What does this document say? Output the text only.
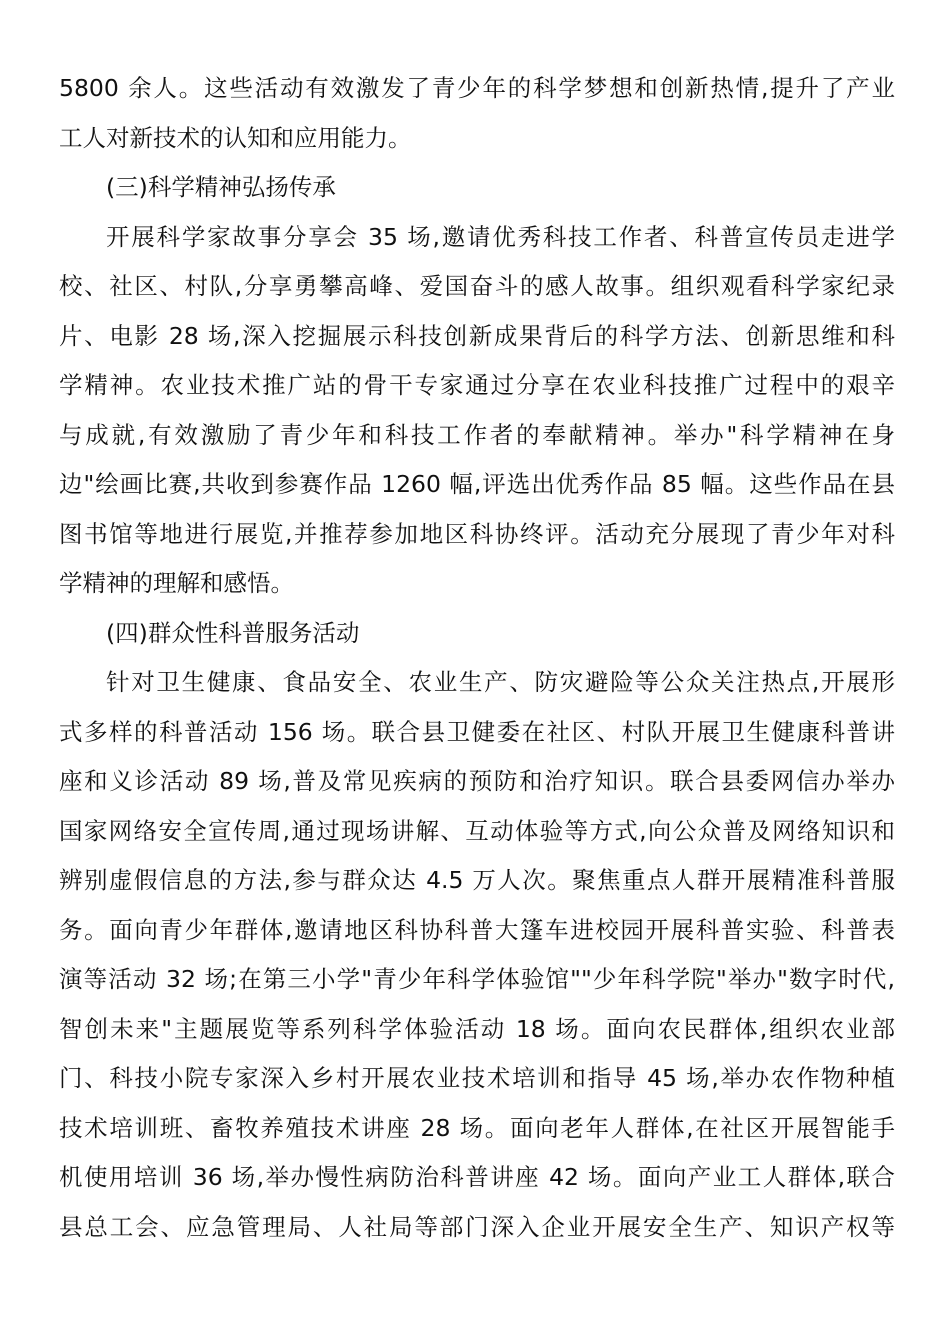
5800 余人。这些活动有效激发了青少年的科学梦想和创新热情,提升了产业
工人对新技术的认知和应用能力。
(三)科学精神弘扬传承
开展科学家故事分享会 35 场,邀请优秀科技工作者、科普宣传员走进学
校、社区、村队,分享勇攀高峰、爱国奋斗的感人故事。组织观看科学家纪录
片、电影 28 场,深入挖掘展示科技创新成果背后的科学方法、创新思维和科
学精神。农业技术推广站的骨干专家通过分享在农业科技推广过程中的艰辛
与成就,有效激励了青少年和科技工作者的奉献精神。举办"科学精神在身
边"绘画比赛,共收到参赛作品 1260 幅,评选出优秀作品 85 幅。这些作品在县
图书馆等地进行展览,并推荐参加地区科协终评。活动充分展现了青少年对科
学精神的理解和感悟。
(四)群众性科普服务活动
针对卫生健康、食品安全、农业生产、防灾避险等公众关注热点,开展形
式多样的科普活动 156 场。联合县卫健委在社区、村队开展卫生健康科普讲
座和义诊活动 89 场,普及常见疾病的预防和治疗知识。联合县委网信办举办
国家网络安全宣传周,通过现场讲解、互动体验等方式,向公众普及网络知识和
辨别虚假信息的方法,参与群众达 4.5 万人次。聚焦重点人群开展精准科普服
务。面向青少年群体,邀请地区科协科普大篷车进校园开展科普实验、科普表
演等活动 32 场;在第三小学"青少年科学体验馆""少年科学院"举办"数字时代,
智创未来"主题展览等系列科学体验活动 18 场。面向农民群体,组织农业部
门、科技小院专家深入乡村开展农业技术培训和指导 45 场,举办农作物种植
技术培训班、畜牧养殖技术讲座 28 场。面向老年人群体,在社区开展智能手
机使用培训 36 场,举办慢性病防治科普讲座 42 场。面向产业工人群体,联合
县总工会、应急管理局、人社局等部门深入企业开展安全生产、知识产权等
